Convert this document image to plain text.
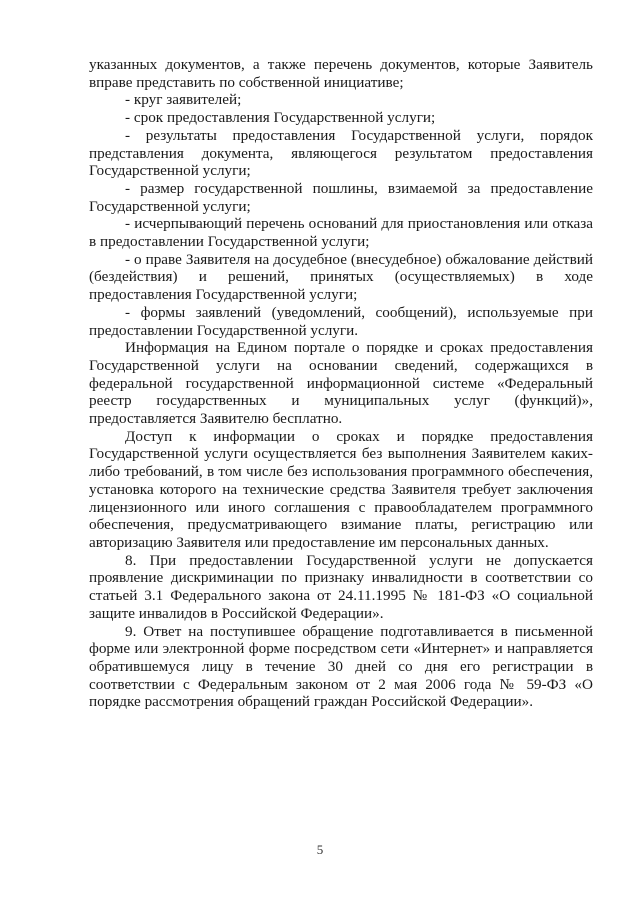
указанных документов, а также перечень документов, которые Заявитель вправе представить по собственной инициативе;

- круг заявителей;

- срок предоставления Государственной услуги;

- результаты предоставления Государственной услуги, порядок представления документа, являющегося результатом предоставления Государственной услуги;

- размер государственной пошлины, взимаемой за предоставление Государственной услуги;

- исчерпывающий перечень оснований для приостановления или отказа в предоставлении Государственной услуги;

- о праве Заявителя на досудебное (внесудебное) обжалование действий (бездействия) и решений, принятых (осуществляемых) в ходе предоставления Государственной услуги;

- формы заявлений (уведомлений, сообщений), используемые при предоставлении Государственной услуги.

Информация на Едином портале о порядке и сроках предоставления Государственной услуги на основании сведений, содержащихся в федеральной государственной информационной системе «Федеральный реестр государственных и муниципальных услуг (функций)», предоставляется Заявителю бесплатно.

Доступ к информации о сроках и порядке предоставления Государственной услуги осуществляется без выполнения Заявителем каких-либо требований, в том числе без использования программного обеспечения, установка которого на технические средства Заявителя требует заключения лицензионного или иного соглашения с правообладателем программного обеспечения, предусматривающего взимание платы, регистрацию или авторизацию Заявителя или предоставление им персональных данных.

8. При предоставлении Государственной услуги не допускается проявление дискриминации по признаку инвалидности в соответствии со статьей 3.1 Федерального закона от 24.11.1995 № 181-ФЗ «О социальной защите инвалидов в Российской Федерации».

9. Ответ на поступившее обращение подготавливается в письменной форме или электронной форме посредством сети «Интернет» и направляется обратившемуся лицу в течение 30 дней со дня его регистрации в соответствии с Федеральным законом от 2 мая 2006 года № 59-ФЗ «О порядке рассмотрения обращений граждан Российской Федерации».

5
